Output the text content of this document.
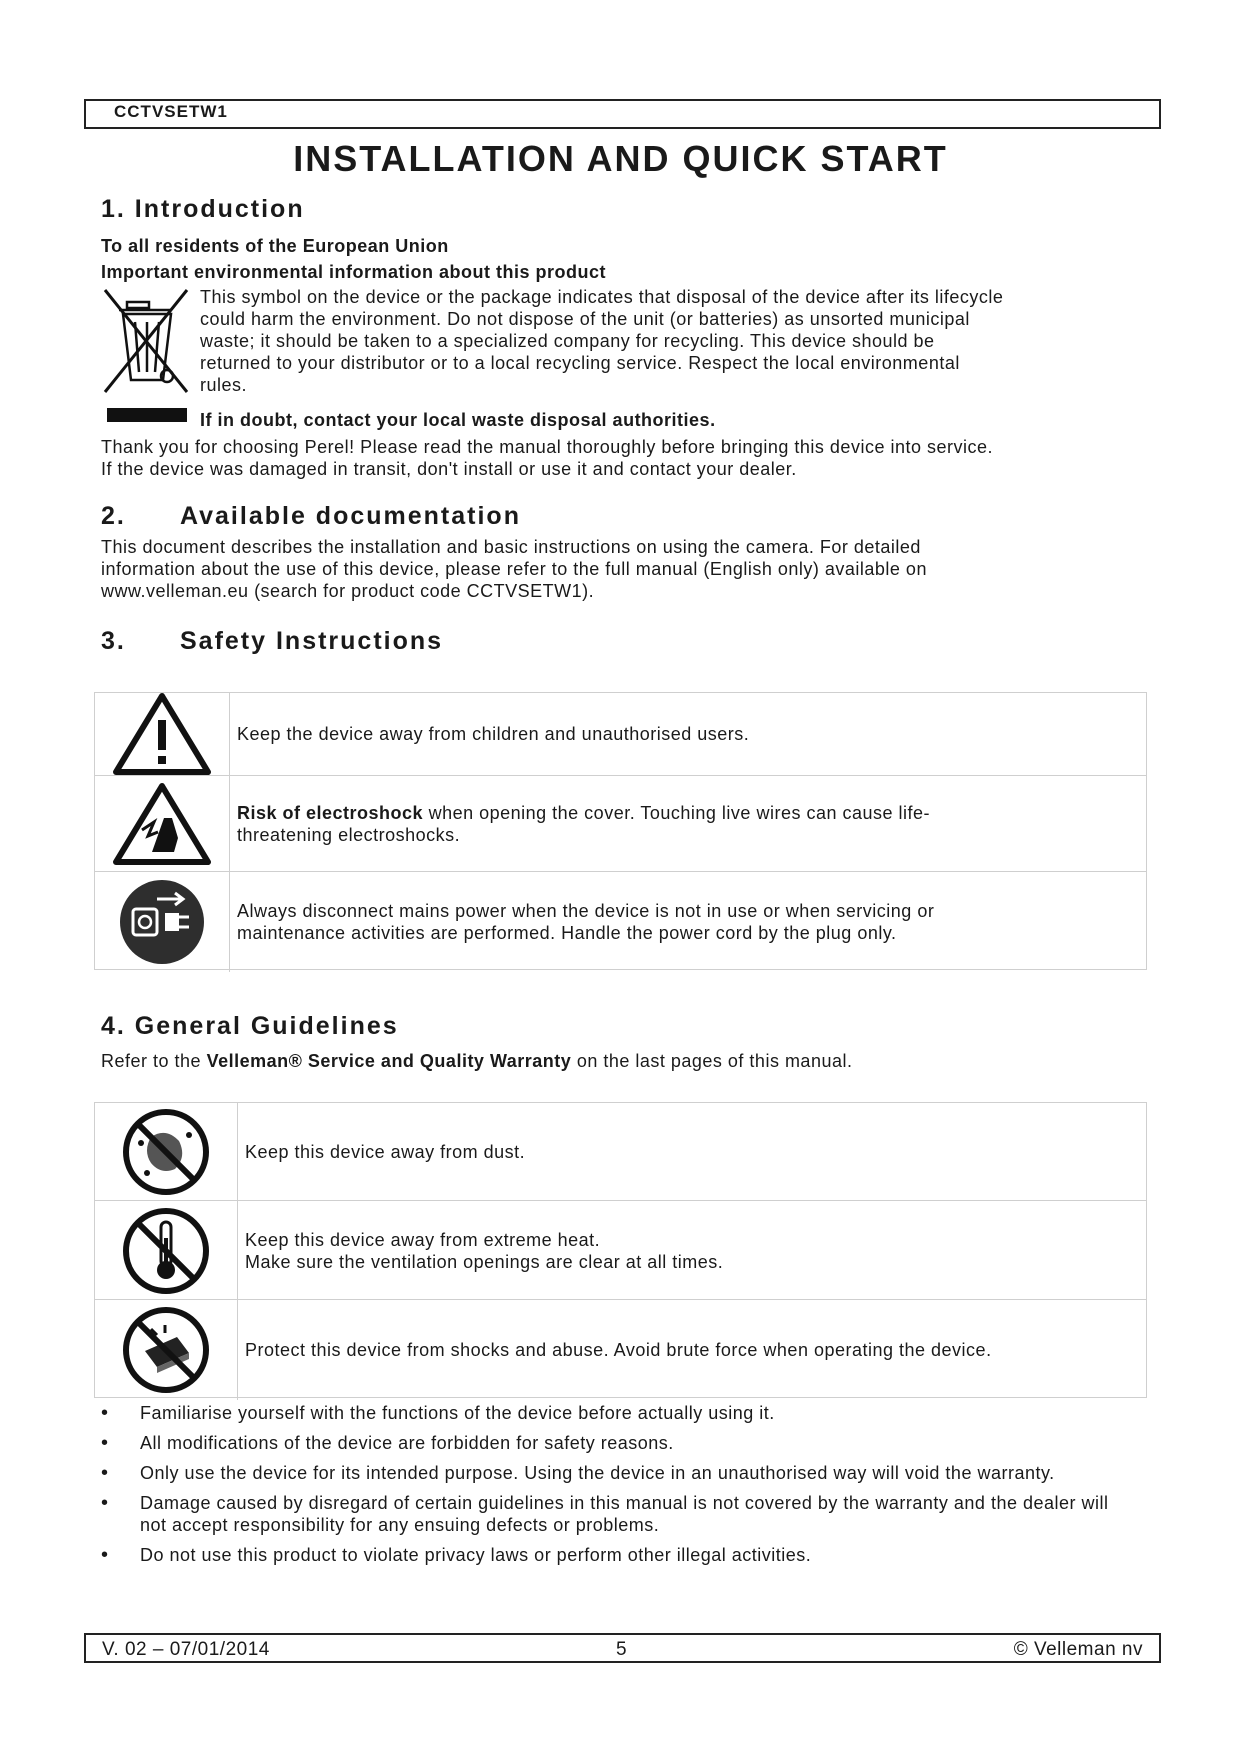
CCTVSETW1
INSTALLATION AND QUICK START
1. Introduction
To all residents of the European Union
Important environmental information about this product
This symbol on the device or the package indicates that disposal of the device after its lifecycle
could harm the environment. Do not dispose of the unit (or batteries) as unsorted municipal
waste; it should be taken to a specialized company for recycling. This device should be
returned to your distributor or to a local recycling service. Respect the local environmental
rules.
If in doubt, contact your local waste disposal authorities.
Thank you for choosing Perel! Please read the manual thoroughly before bringing this device into service.
If the device was damaged in transit, don't install or use it and contact your dealer.
2. Available documentation
This document describes the installation and basic instructions on using the camera. For detailed
information about the use of this device, please refer to the full manual (English only) available on
www.velleman.eu (search for product code CCTVSETW1).
3. Safety Instructions
Keep the device away from children and unauthorised users.
Risk of electroshock when opening the cover. Touching live wires can cause life-threatening electroshocks.
Always disconnect mains power when the device is not in use or when servicing or maintenance activities are performed. Handle the power cord by the plug only.
4. General Guidelines
Refer to the Velleman® Service and Quality Warranty on the last pages of this manual.
Keep this device away from dust.
Keep this device away from extreme heat.
Make sure the ventilation openings are clear at all times.
Protect this device from shocks and abuse. Avoid brute force when operating the device.
• Familiarise yourself with the functions of the device before actually using it.
• All modifications of the device are forbidden for safety reasons.
• Only use the device for its intended purpose. Using the device in an unauthorised way will void the warranty.
• Damage caused by disregard of certain guidelines in this manual is not covered by the warranty and the dealer will not accept responsibility for any ensuing defects or problems.
• Do not use this product to violate privacy laws or perform other illegal activities.
V. 02 – 07/01/2014	5	© Velleman nv
